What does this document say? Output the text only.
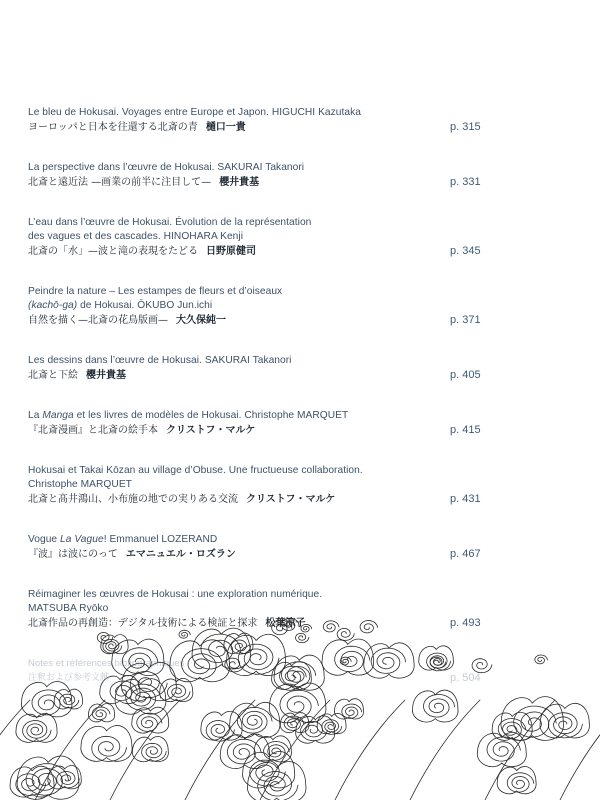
Le bleu de Hokusai. Voyages entre Europe et Japon. HIGUCHI Kazutaka
ヨーロッパと日本を往還する北斎の青 樋口一貴	p. 315
La perspective dans l’œuvre de Hokusai. SAKURAI Takanori
北斎と遠近法 —画業の前半に注目して— 櫻井貴基	p. 331
L’eau dans l’œuvre de Hokusai. Évolution de la représentation
des vagues et des cascades. HINOHARA Kenji
北斎の「水」—波と滝の表現をたどる 日野原健司	p. 345
Peindre la nature – Les estampes de fleurs et d’oiseaux
(kachō-ga) de Hokusai. ŌKUBO Jun.ichi
自然を描く—北斎の花鳥版画— 大久保純一	p. 371
Les dessins dans l’œuvre de Hokusai. SAKURAI Takanori
北斎と下絵 櫻井貴基	p. 405
La Manga et les livres de modèles de Hokusai. Christophe MARQUET
『北斎漫画』と北斎の絵手本 クリストフ・マルケ	p. 415
Hokusai et Takai Kōzan au village d’Obuse. Une fructueuse collaboration.
Christophe MARQUET
北斎と髙井鴻山、小布施の地での実りある交流 クリストフ・マルケ	p. 431
Vogue La Vague! Emmanuel LOZERAND
『波』は波にのって エマニュエル・ロズラン	p. 467
Réimaginer les œuvres de Hokusai : une exploration numérique.
MATSUBA Ryōko
北斎作品の再創造：デジタル技術による検証と探求 松葉涼子	p. 493
Notes et références bibliographiques
注釈および参考文献	p. 504
